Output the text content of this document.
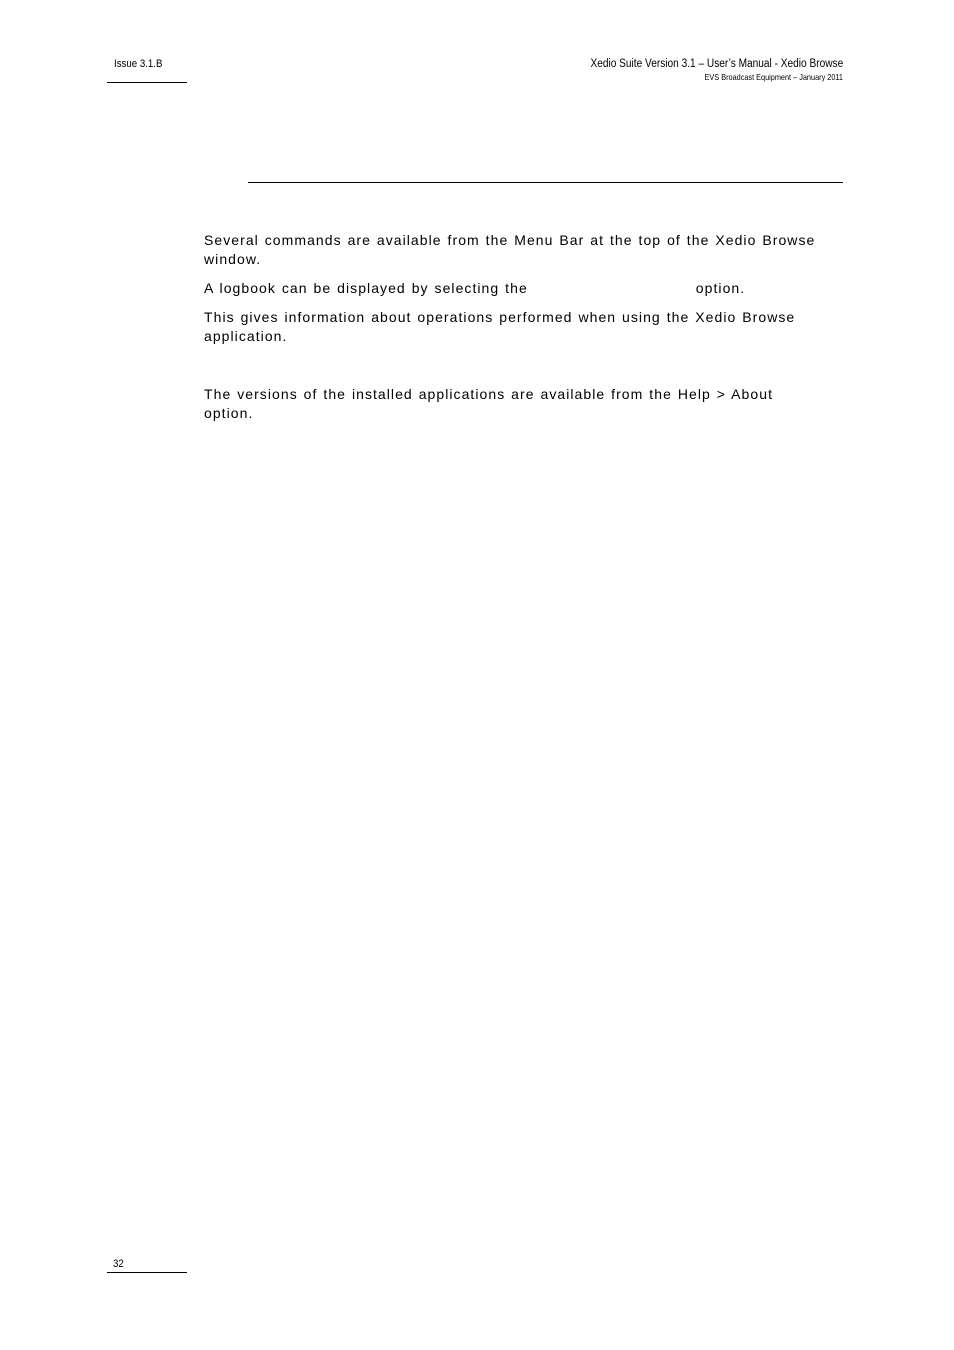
Issue 3.1.B	Xedio Suite Version 3.1 – User’s Manual - Xedio Browse
EVS Broadcast Equipment – January 2011
Several commands are available from the Menu Bar at the top of the Xedio Browse
window.
A logbook can be displayed by selecting the	option.
This gives information about operations performed when using the Xedio Browse
application.
The versions of the installed applications are available from the Help > About
option.
32
